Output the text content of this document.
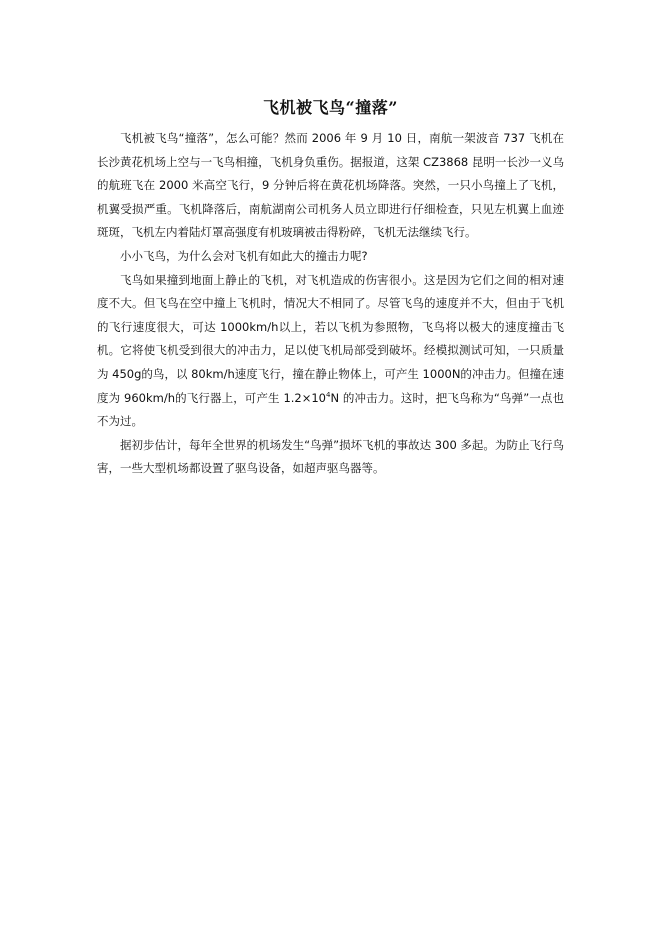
飞机被飞鸟“撞落”

飞机被飞鸟“撞落”，怎么可能？然而 2006 年 9 月 10 日，南航一架波音 737 飞机在长沙黄花机场上空与一飞鸟相撞，飞机身负重伤。据报道，这架 CZ3868 昆明一长沙一义乌的航班飞在 2000 米高空飞行，9 分钟后将在黄花机场降落。突然，一只小鸟撞上了飞机，机翼受损严重。飞机降落后，南航湖南公司机务人员立即进行仔细检查，只见左机翼上血迹斑斑，飞机左内着陆灯罩高强度有机玻璃被击得粉碎，飞机无法继续飞行。

小小飞鸟，为什么会对飞机有如此大的撞击力呢?

飞鸟如果撞到地面上静止的飞机，对飞机造成的伤害很小。这是因为它们之间的相对速度不大。但飞鸟在空中撞上飞机时，情况大不相同了。尽管飞鸟的速度并不大，但由于飞机的飞行速度很大，可达 1000km/h以上，若以飞机为参照物，飞鸟将以极大的速度撞击飞机。它将使飞机受到很大的冲击力，足以使飞机局部受到破坏。经模拟测试可知，一只质量为 450g的鸟，以 80km/h速度飞行，撞在静止物体上，可产生 1000N的冲击力。但撞在速度为 960km/h的飞行器上，可产生 $1.2\times 10^4N$ 的冲击力。这时，把飞鸟称为“鸟弹”一点也不为过。

据初步估计，每年全世界的机场发生“鸟弹”损坏飞机的事故达 300 多起。为防止飞行鸟害，一些大型机场都设置了驱鸟设备，如超声驱鸟器等。
